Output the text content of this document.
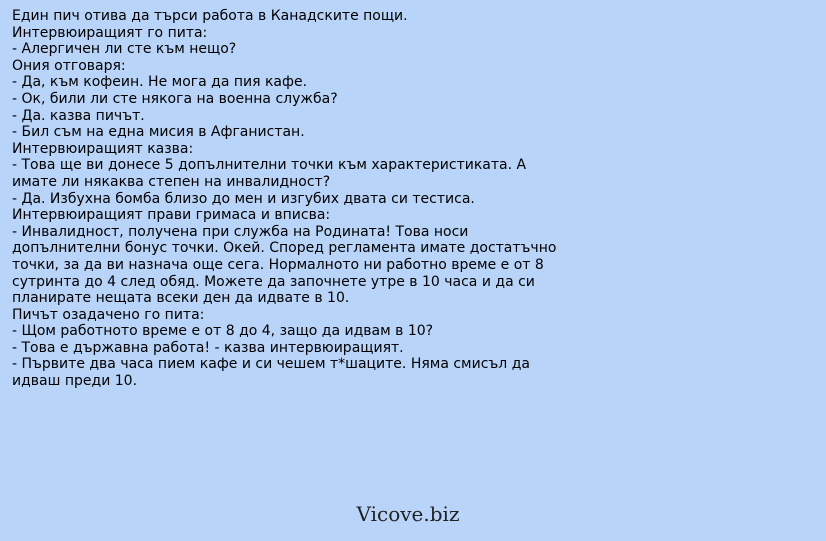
Един пич отива да търси работа в Канадските пощи.
Интервюиращият го пита:
- Алергичен ли сте към нещо?
Ония отговаря:
- Да, към кофеин. Не мога да пия кафе.
- Ок, били ли сте някога на военна служба?
- Да. казва пичът.
- Бил съм на една мисия в Афганистан.
Интервюиращият казва:
- Това ще ви донесе 5 допълнителни точки към характеристиката. А имате ли някаква степен на инвалидност?
- Да. Избухна бомба близо до мен и изгубих двата си тестиса.
Интервюиращият прави гримаса и вписва:
- Инвалидност, получена при служба на Родината! Това носи допълнителни бонус точки. Окей. Според регламента имате достатъчно точки, за да ви назнача още сега. Нормалното ни работно време е от 8 сутринта до 4 след обяд. Можете да започнете утре в 10 часа и да си планирате нещата всеки ден да идвате в 10.
Пичът озадачено го пита:
- Щом работното време е от 8 до 4, защо да идвам в 10?
- Това е държавна работа! - казва интервюиращият.
- Първите два часа пием кафе и си чешем т*шаците. Няма смисъл да идваш преди 10.
Vicove.biz
